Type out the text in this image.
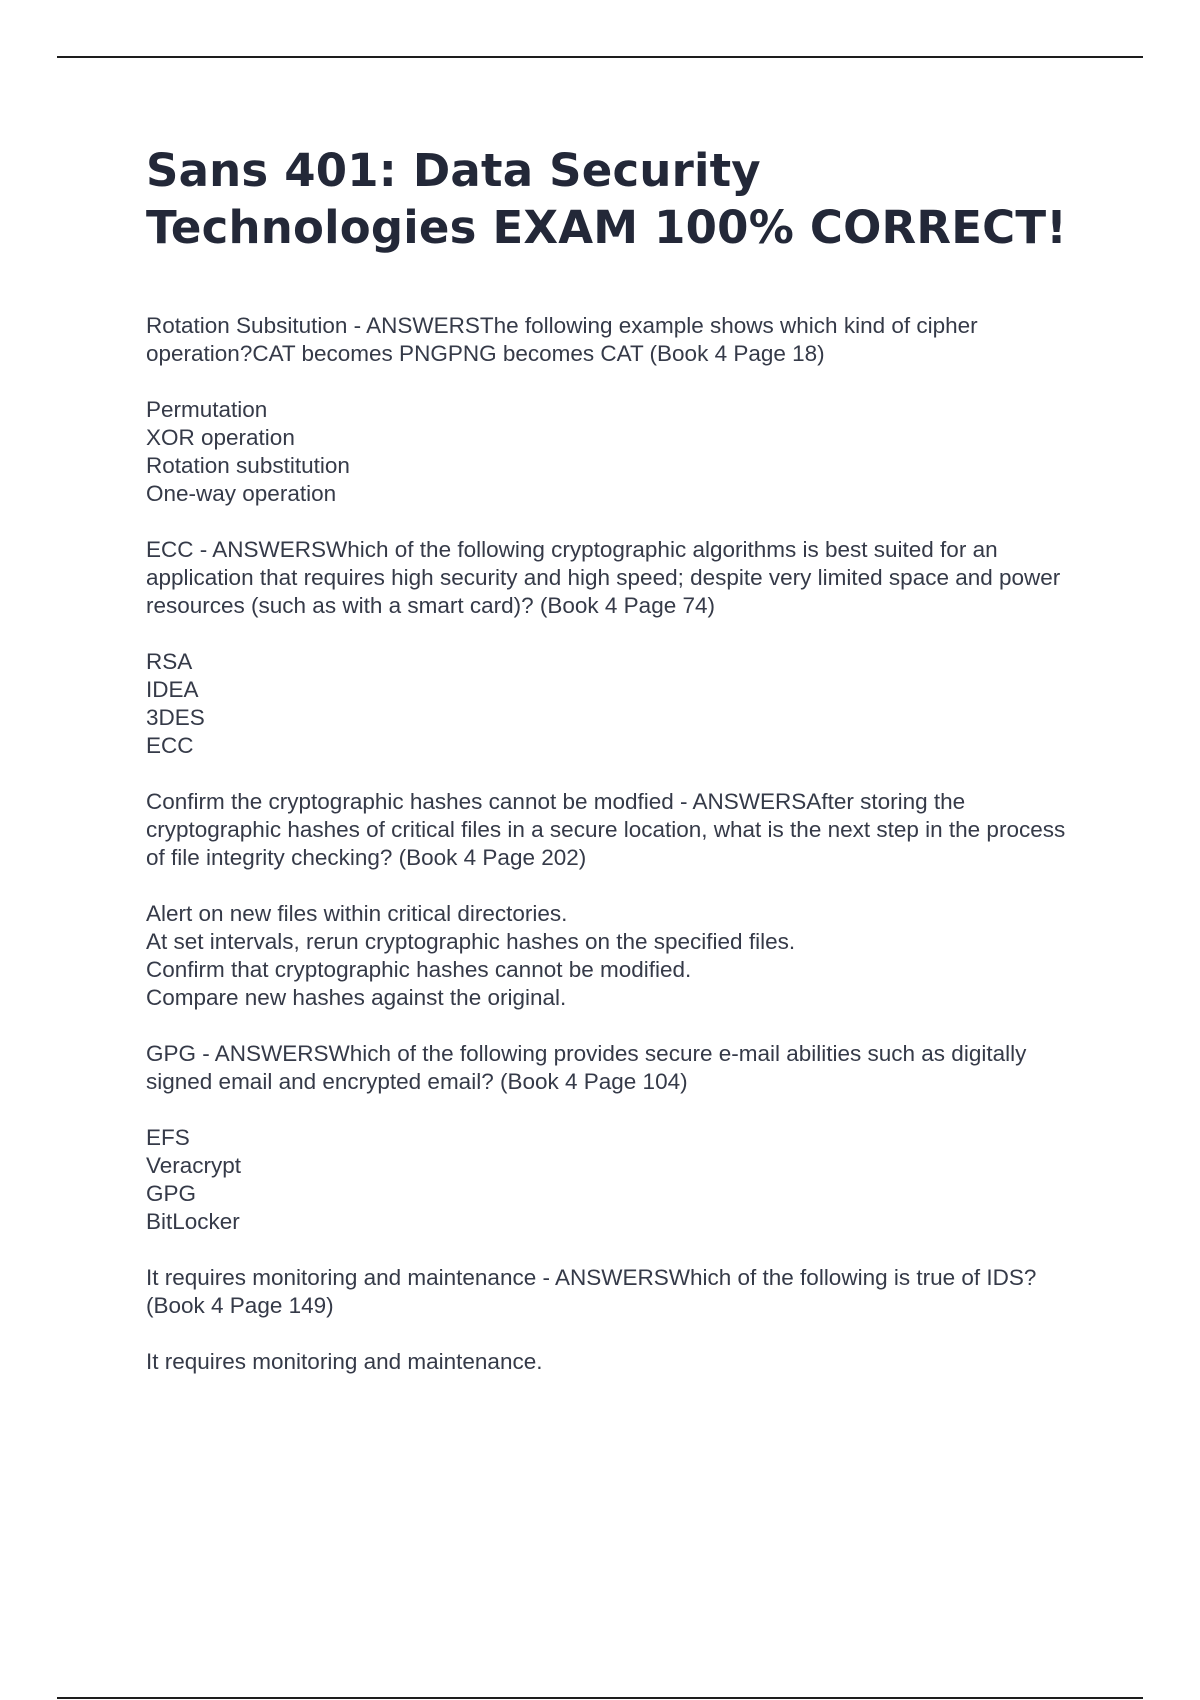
Sans 401: Data Security Technologies EXAM 100% CORRECT!

Rotation Subsitution - ANSWERSThe following example shows which kind of cipher operation?CAT becomes PNGPNG becomes CAT (Book 4 Page 18)

Permutation
XOR operation
Rotation substitution
One-way operation

ECC - ANSWERSWhich of the following cryptographic algorithms is best suited for an application that requires high security and high speed; despite very limited space and power resources (such as with a smart card)? (Book 4 Page 74)

RSA
IDEA
3DES
ECC

Confirm the cryptographic hashes cannot be modfied - ANSWERSAfter storing the cryptographic hashes of critical files in a secure location, what is the next step in the process of file integrity checking? (Book 4 Page 202)

Alert on new files within critical directories.
At set intervals, rerun cryptographic hashes on the specified files.
Confirm that cryptographic hashes cannot be modified.
Compare new hashes against the original.

GPG - ANSWERSWhich of the following provides secure e-mail abilities such as digitally signed email and encrypted email? (Book 4 Page 104)

EFS
Veracrypt
GPG
BitLocker

It requires monitoring and maintenance - ANSWERSWhich of the following is true of IDS? (Book 4 Page 149)

It requires monitoring and maintenance.
